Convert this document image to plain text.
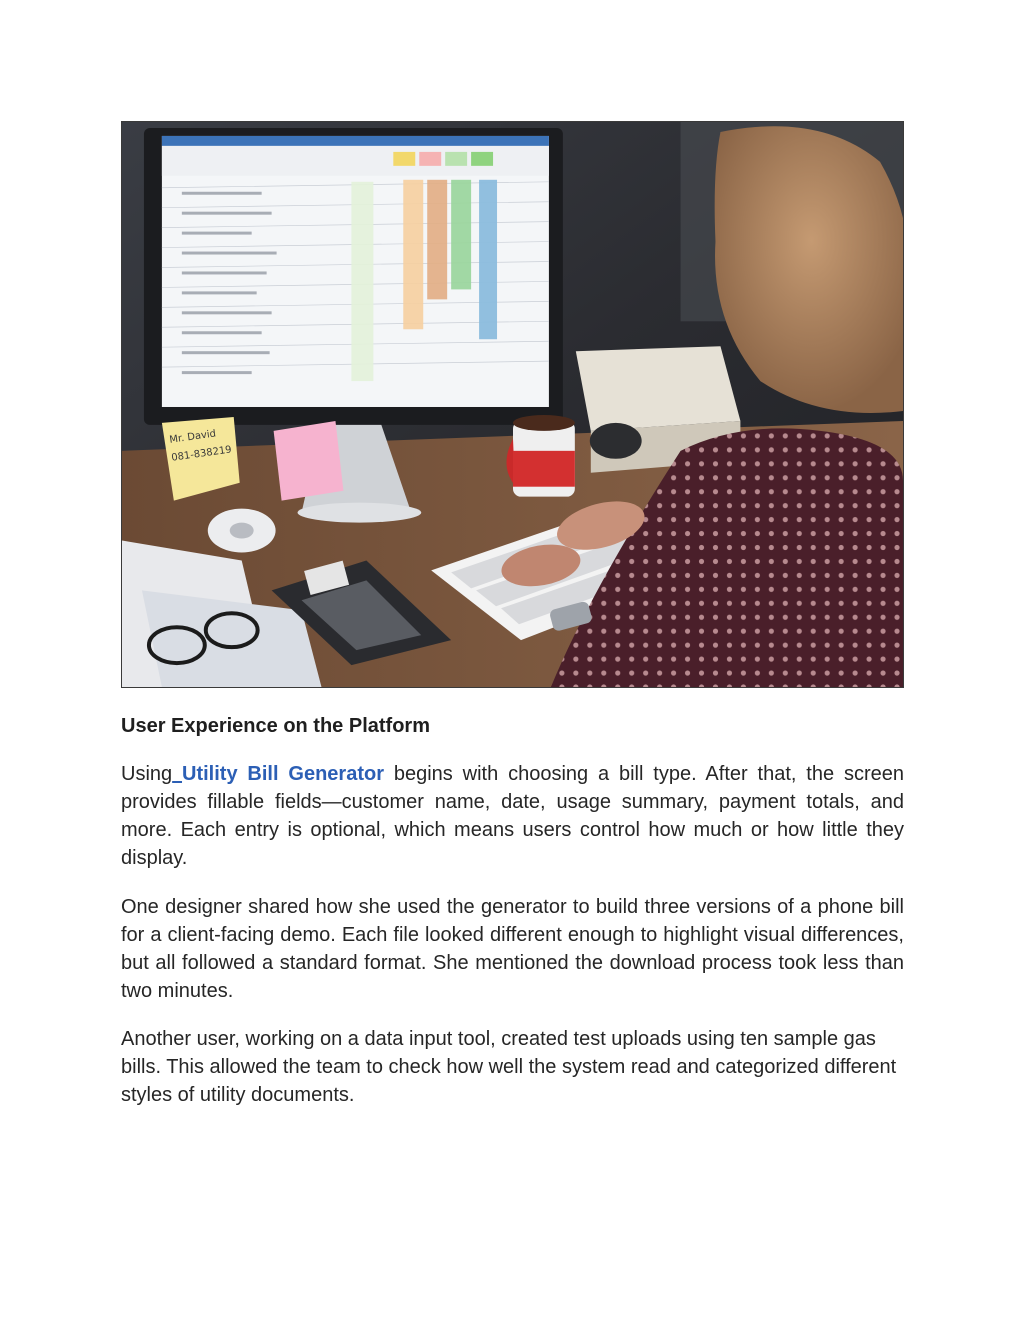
Mr. David
081-838219
User Experience on the Platform

Using Utility Bill Generator begins with choosing a bill type. After that, the screen provides fillable fields—customer name, date, usage summary, payment totals, and more. Each entry is optional, which means users control how much or how little they display.

One designer shared how she used the generator to build three versions of a phone bill for a client-facing demo. Each file looked different enough to highlight visual differences, but all followed a standard format. She mentioned the download process took less than two minutes.

Another user, working on a data input tool, created test uploads using ten sample gas bills. This allowed the team to check how well the system read and categorized different styles of utility documents.
